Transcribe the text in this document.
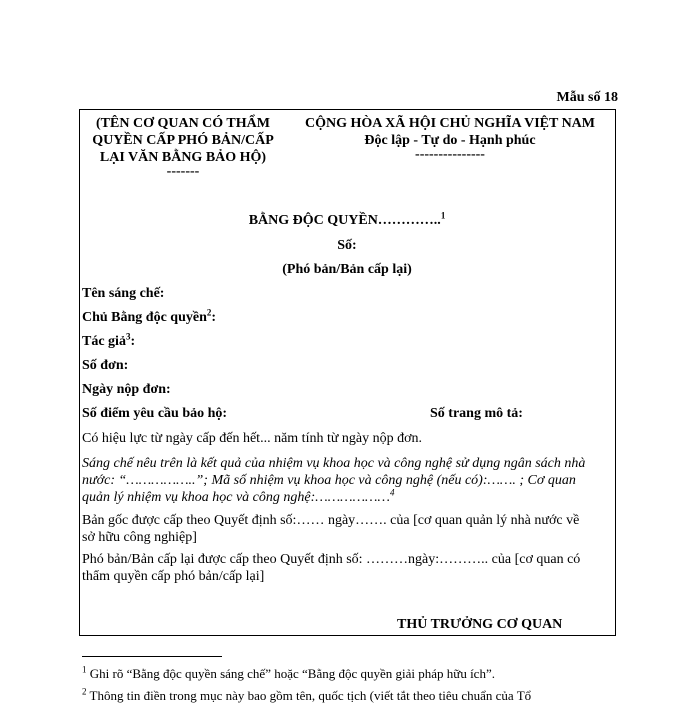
Mẫu số 18
(TÊN CƠ QUAN CÓ THẨM
QUYỀN CẤP PHÓ BẢN/CẤP
LẠI VĂN BẰNG BẢO HỘ)
-------
CỘNG HÒA XÃ HỘI CHỦ NGHĨA VIỆT NAM
Độc lập - Tự do - Hạnh phúc
---------------
BẰNG ĐỘC QUYỀN…………..$^1$
Số:
(Phó bản/Bản cấp lại)
Tên sáng chế:
Chủ Bằng độc quyền$^2$:
Tác giả$^3$:
Số đơn:
Ngày nộp đơn:
Số điểm yêu cầu bảo hộ:	Số trang mô tả:
Có hiệu lực từ ngày cấp đến hết... năm tính từ ngày nộp đơn.
Sáng chế nêu trên là kết quả của nhiệm vụ khoa học và công nghệ sử dụng ngân sách nhà
nước: “……………..”; Mã số nhiệm vụ khoa học và công nghệ (nếu có):……. ; Cơ quan
quản lý nhiệm vụ khoa học và công nghệ:………………$^4$
Bản gốc được cấp theo Quyết định số:…… ngày……. của [cơ quan quản lý nhà nước về
sở hữu công nghiệp]
Phó bản/Bản cấp lại được cấp theo Quyết định số: ………ngày:……….. của [cơ quan có
thẩm quyền cấp phó bản/cấp lại]
THỦ TRƯỞNG CƠ QUAN
$^1$ Ghi rõ “Bằng độc quyền sáng chế” hoặc “Bằng độc quyền giải pháp hữu ích”.
$^2$ Thông tin điền trong mục này bao gồm tên, quốc tịch (viết tắt theo tiêu chuẩn của Tổ
